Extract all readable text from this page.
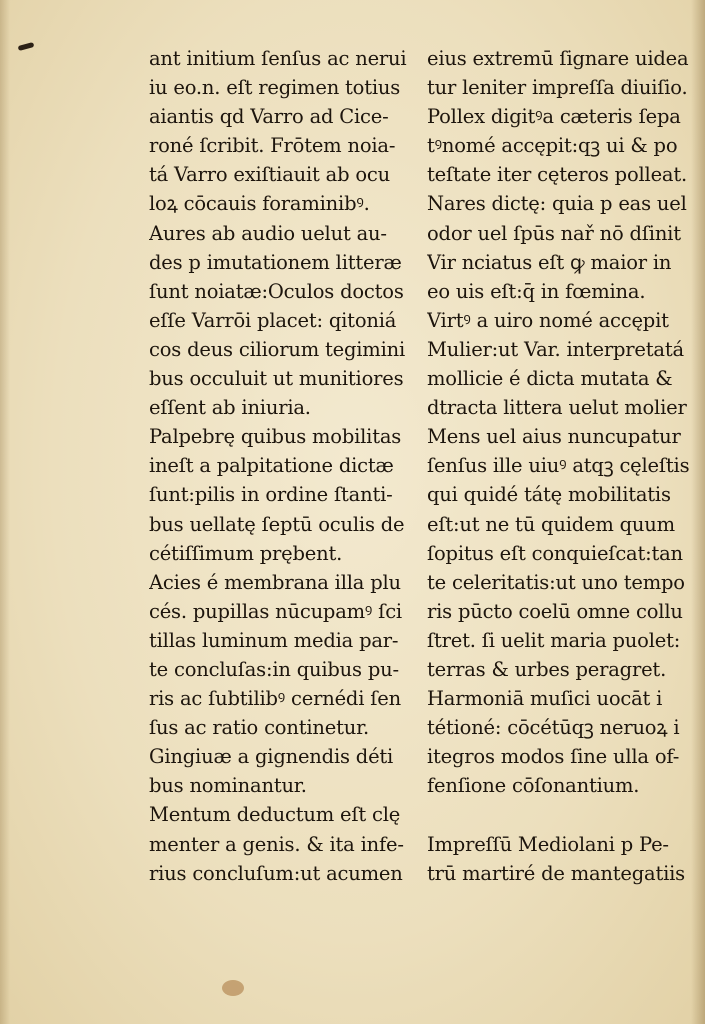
ant initium ſenſus ac nerui
iu eo.n. eſt regimen totius
aiantis qd Varro ad Cice-
roné ſcribit. Frōtem noia-
tá Varro exiſtiauit ab ocu
loꝝ cōcauis foraminibꝰ.
Aures ab audio uelut au-
des p imutationem litteræ
ſunt noiatæ:Oculos doctos
eſſe Varrōi placet: qitoniá
cos deus ciliorum tegimini
bus occuluit ut munitiores
eſſent ab iniuria.
Palpebrę quibus mobilitas
ineſt a palpitatione dictæ
ſunt:pilis in ordine ſtanti-
bus uellatę ſeptū oculis de
cétiſſimum prębent.
Acies é membrana illa plu
cés. pupillas nūcupamꝰ ſci
tillas luminum media par-
te concluſas:in quibus pu-
ris ac ſubtilibꝰ cernédi ſen
ſus ac ratio continetur.
Gingiuæ a gignendis déti
bus nominantur.
Mentum deductum eſt clę
menter a genis. & ita infe-
rius concluſum:ut acumen
eius extremū ſignare uidea
tur leniter impreſſa diuiſio.
Pollex digitꝰa cæteris ſepa
tꝰnomé accępit:qꝫ ui & po
teſtate iter cęteros polleat.
Nares dictę: quia p eas uel
odor uel ſpūs nař nō dſinit
Vir nciatus eſt ꝙ maior in
eo uis eſt:q̄ in fœmina.
Virtꝰ a uiro nomé accępit
Mulier:ut Var. interpretatá
mollicie é dicta mutata &
dtracta littera uelut molier
Mens uel aius nuncupatur
ſenſus ille uiuꝰ atqꝫ cęleſtis
qui quidé tátę mobilitatis
eſt:ut ne tū quidem quum
ſopitus eſt conquieſcat:tan
te celeritatis:ut uno tempo
ris pūcto coelū omne collu
ſtret. ſi uelit maria puolet:
terras & urbes peragret.
Harmoniā muſici uocāt i
tétioné: cōcétūqꝫ neruoꝝ i
itegros modos ſine ulla of-
fenſione cōſonantium.
Impreſſū Mediolani p Pe-
trū martiré de mantegatiis
